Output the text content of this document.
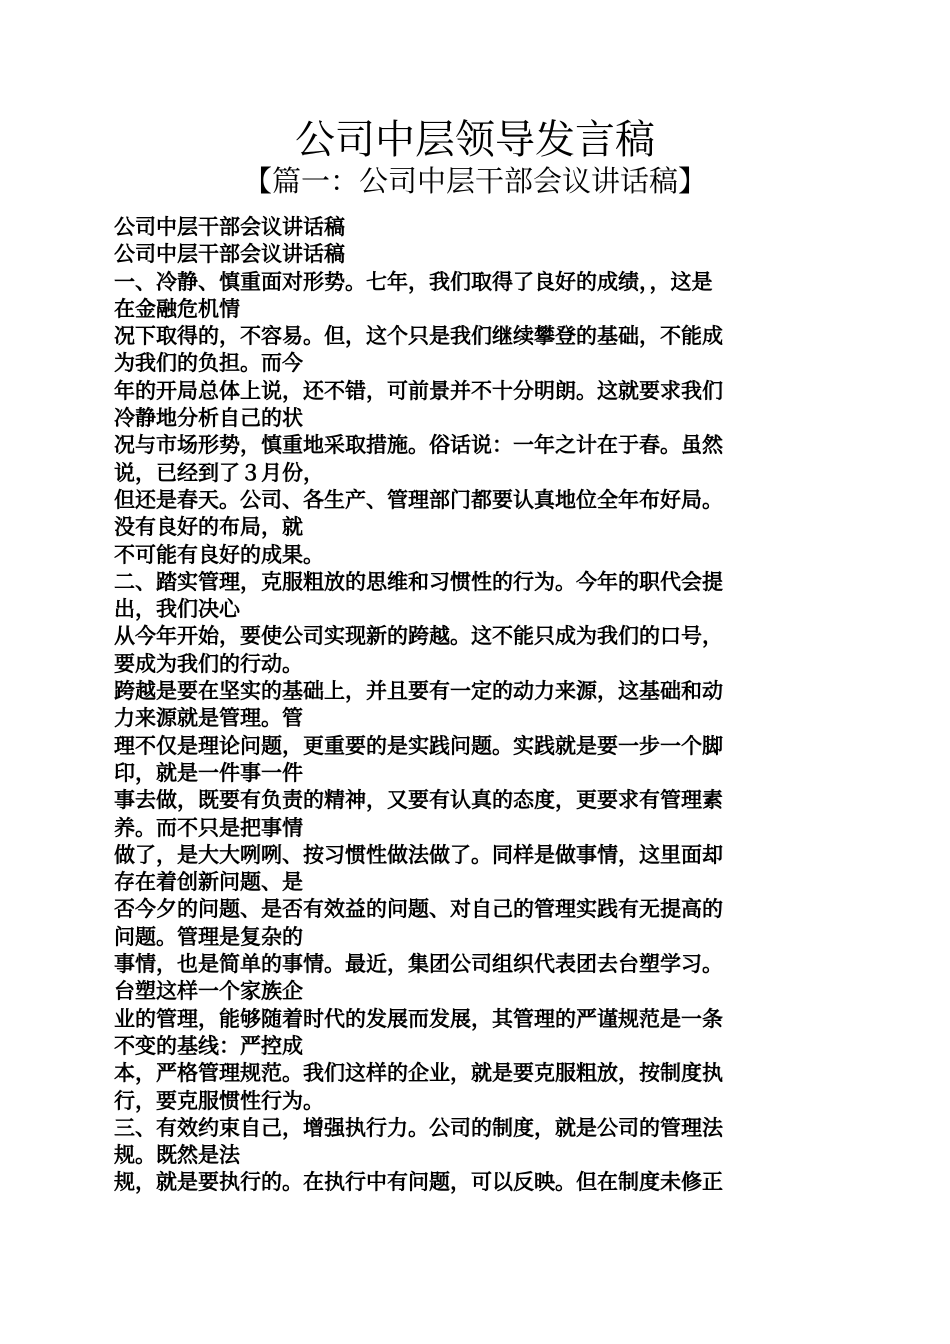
公司中层领导发言稿
【篇一：公司中层干部会议讲话稿】

公司中层干部会议讲话稿

公司中层干部会议讲话稿

一、冷静、慎重面对形势。七年，我们取得了良好的成绩，，这是

在金融危机情

况下取得的，不容易。但，这个只是我们继续攀登的基础，不能成

为我们的负担。而今

年的开局总体上说，还不错，可前景并不十分明朗。这就要求我们

冷静地分析自己的状

况与市场形势，慎重地采取措施。俗话说：一年之计在于春。虽然

说，已经到了３月份，

但还是春天。公司、各生产、管理部门都要认真地位全年布好局。

没有良好的布局，就

不可能有良好的成果。

二、踏实管理，克服粗放的思维和习惯性的行为。今年的职代会提

出，我们决心

从今年开始，要使公司实现新的跨越。这不能只成为我们的口号，

要成为我们的行动。

跨越是要在坚实的基础上，并且要有一定的动力来源，这基础和动

力来源就是管理。管

理不仅是理论问题，更重要的是实践问题。实践就是要一步一个脚

印，就是一件事一件

事去做，既要有负责的精神，又要有认真的态度，更要求有管理素

养。而不只是把事情

做了，是大大咧咧、按习惯性做法做了。同样是做事情，这里面却

存在着创新问题、是

否今夕的问题、是否有效益的问题、对自己的管理实践有无提高的

问题。管理是复杂的

事情，也是简单的事情。最近，集团公司组织代表团去台塑学习。

台塑这样一个家族企

业的管理，能够随着时代的发展而发展，其管理的严谨规范是一条

不变的基线：严控成

本，严格管理规范。我们这样的企业，就是要克服粗放，按制度执

行，要克服惯性行为。

三、有效约束自己，增强执行力。公司的制度，就是公司的管理法

规。既然是法

规，就是要执行的。在执行中有问题，可以反映。但在制度未修正
